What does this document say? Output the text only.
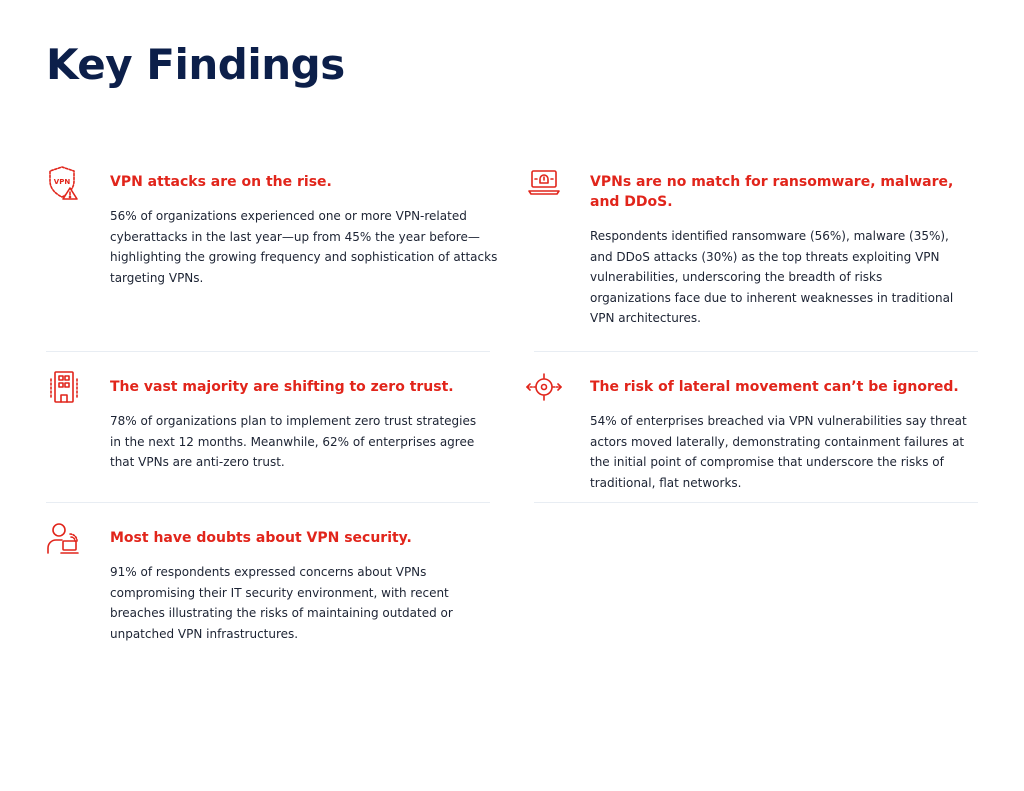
Key Findings
VPN	VPN attacks are on the rise.

56% of organizations experienced one or more VPN-related cyberattacks in the last year—up from 45% the year before—highlighting the growing frequency and sophistication of attacks targeting VPNs.

VPNs are no match for ransomware, malware, and DDoS.

Respondents identified ransomware (56%), malware (35%), and DDoS attacks (30%) as the top threats exploiting VPN vulnerabilities, underscoring the breadth of risks organizations face due to inherent weaknesses in traditional VPN architectures.

The vast majority are shifting to zero trust.

78% of organizations plan to implement zero trust strategies in the next 12 months. Meanwhile, 62% of enterprises agree that VPNs are anti-zero trust.

The risk of lateral movement can’t be ignored.

54% of enterprises breached via VPN vulnerabilities say threat actors moved laterally, demonstrating containment failures at the initial point of compromise that underscore the risks of traditional, flat networks.

Most have doubts about VPN security.

91% of respondents expressed concerns about VPNs compromising their IT security environment, with recent breaches illustrating the risks of maintaining outdated or unpatched VPN infrastructures.
